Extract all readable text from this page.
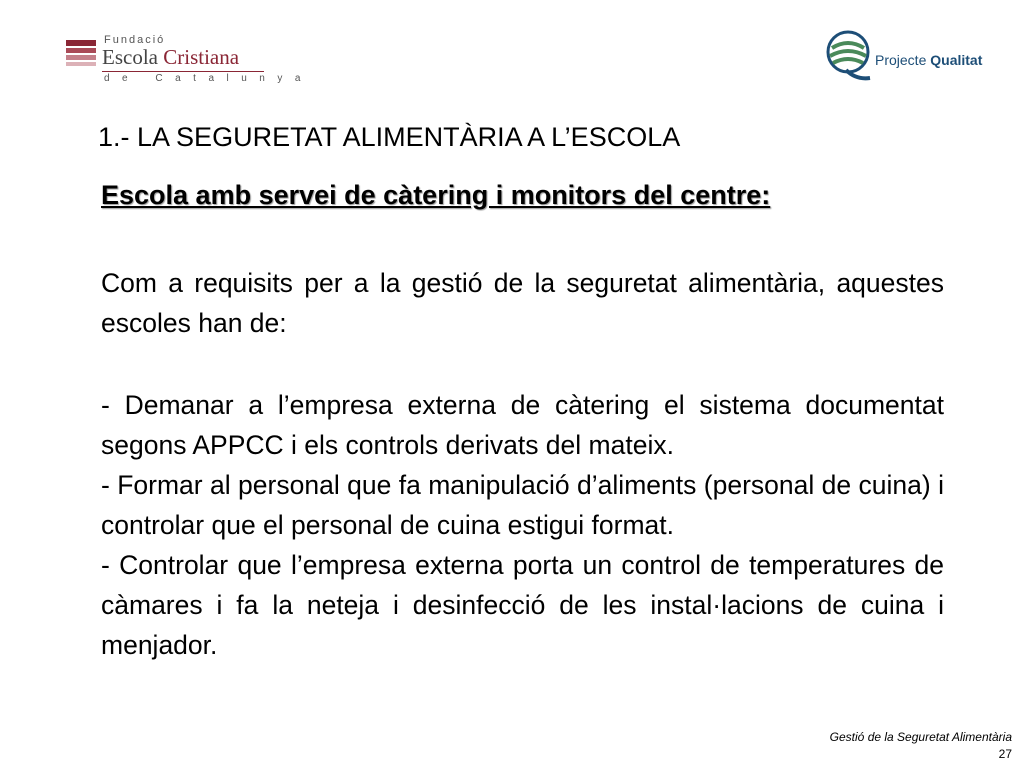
Fundació
Escola Cristiana
de Catalunya
Projecte Qualitat
1.- LA SEGURETAT ALIMENTÀRIA A L’ESCOLA
Escola amb servei de càtering i monitors del centre:

Com a requisits per a la gestió de la seguretat alimentària, aquestes escoles han de:

- Demanar a l’empresa externa de càtering el sistema documentat segons APPCC i els controls derivats del mateix.

- Formar al personal que fa manipulació d’aliments (personal de cuina) i controlar que el personal de cuina estigui format.

- Controlar que l’empresa externa porta un control de temperatures de càmares i fa la neteja i desinfecció de les instal·lacions de cuina i menjador.

Gestió de la Seguretat Alimentària
27
